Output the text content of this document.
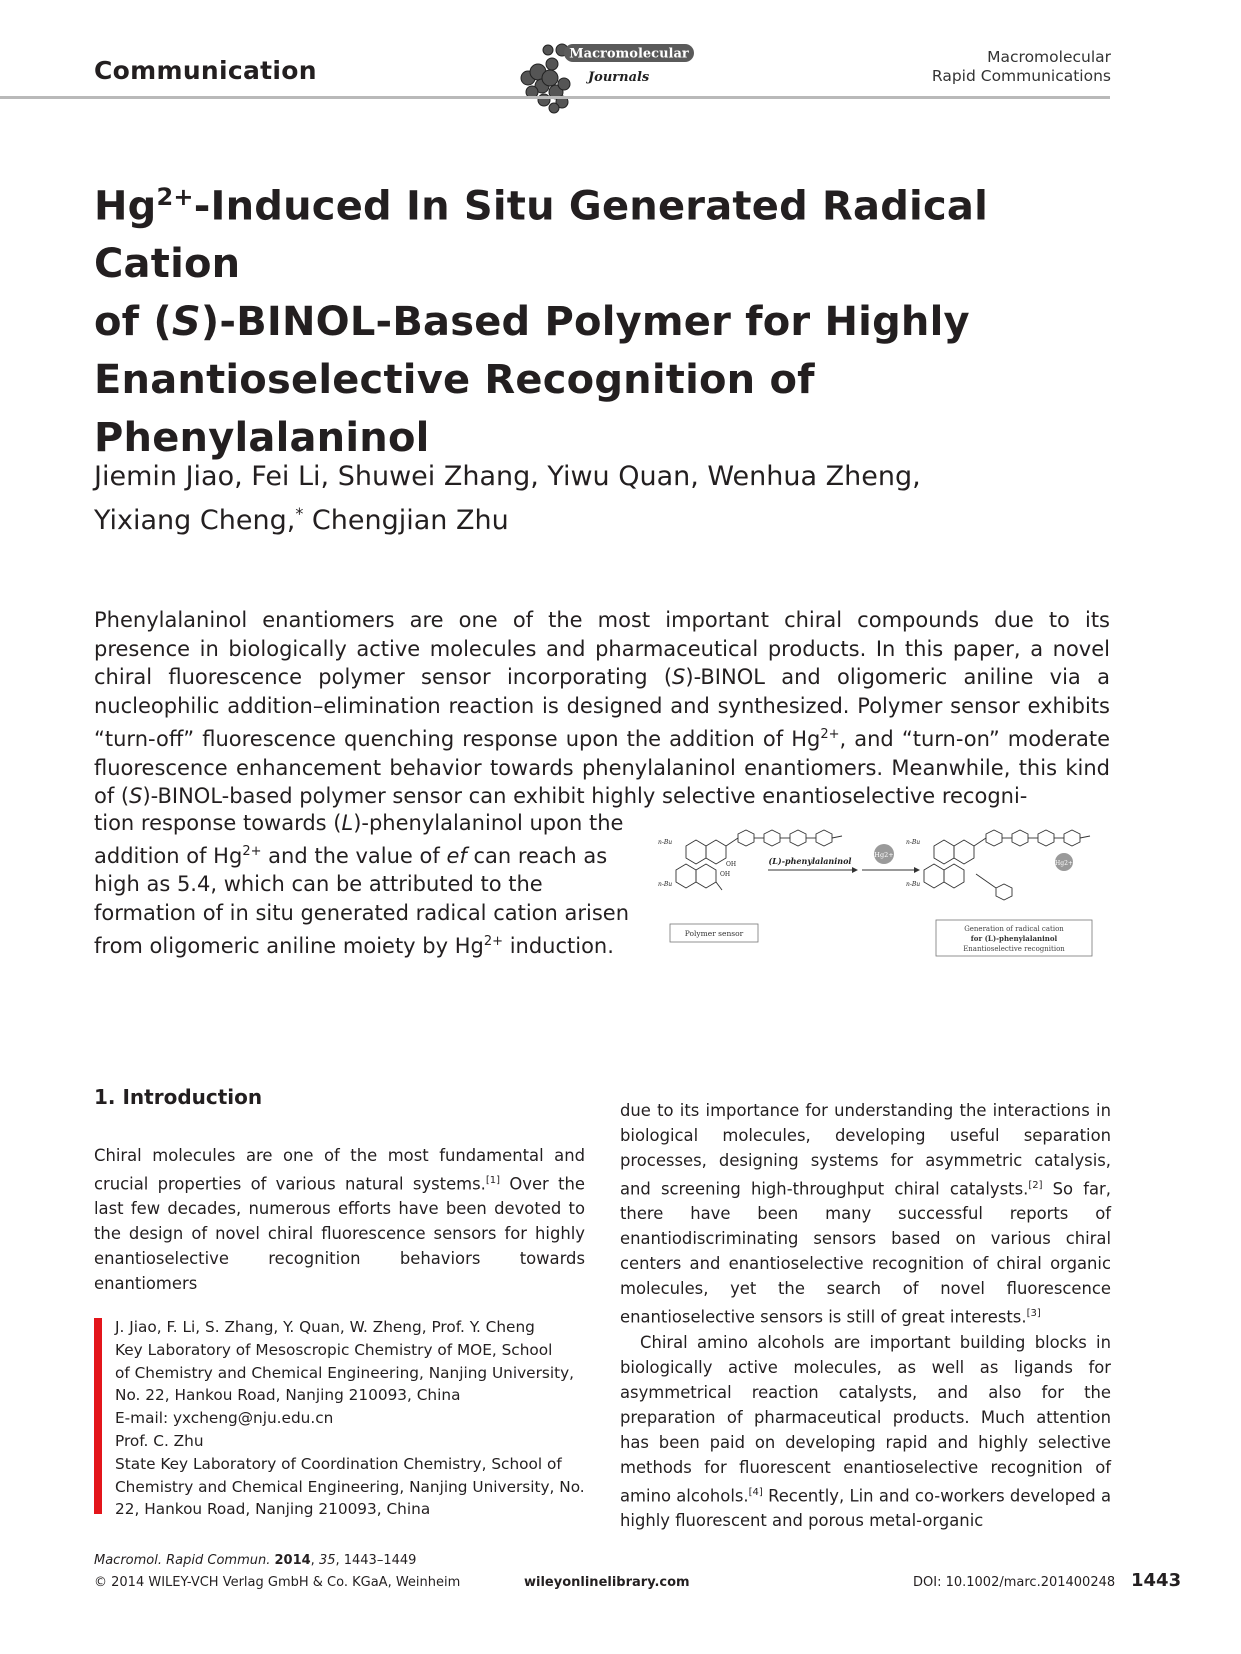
Communication
Macromolecular
Journals
Macromolecular
Rapid Communications
$Hg^{2+}$-Induced In Situ Generated Radical Cation
of (S)-BINOL-Based Polymer for Highly
Enantioselective Recognition of
Phenylalaninol
Jiemin Jiao, Fei Li, Shuwei Zhang, Yiwu Quan, Wenhua Zheng,
Yixiang Cheng,* Chengjian Zhu
Phenylalaninol enantiomers are one of the most important chiral compounds due to its presence in biologically active molecules and pharmaceutical products. In this paper, a novel chiral fluorescence polymer sensor incorporating (S)-BINOL and oligomeric aniline via a nucleophilic addition–elimination reaction is designed and synthesized. Polymer sensor exhibits “turn-off” fluorescence quenching response upon the addition of $Hg^{2+}$, and “turn-on” moderate fluorescence enhancement behavior towards phenylalaninol enantiomers. Meanwhile, this kind of (S)-BINOL-based polymer sensor can exhibit highly selective enantioselective recogni-
tion response towards (L)-phenylalaninol upon the addition of $Hg^{2+}$ and the value of ef can reach as high as 5.4, which can be attributed to the formation of in situ generated radical cation arisen from oligomeric aniline moiety by $Hg^{2+}$ induction.
Hg2+
Hg2+
(L)-phenylalaninol
n-Bu
n-Bu
n-Bu
n-Bu
OH
OH
Polymer sensor	Generation of radical cation
for (L)-phenylalaninol
Enantioselective recognition
1. Introduction
Chiral molecules are one of the most fundamental and crucial properties of various natural systems.[1] Over the last few decades, numerous efforts have been devoted to the design of novel chiral fluorescence sensors for highly enantioselective recognition behaviors towards enantiomers
J. Jiao, F. Li, S. Zhang, Y. Quan, W. Zheng, Prof. Y. Cheng
Key Laboratory of Mesoscropic Chemistry of MOE, School
of Chemistry and Chemical Engineering, Nanjing University,
No. 22, Hankou Road, Nanjing 210093, China
E-mail: yxcheng@nju.edu.cn
Prof. C. Zhu
State Key Laboratory of Coordination Chemistry, School of
Chemistry and Chemical Engineering, Nanjing University, No.
22, Hankou Road, Nanjing 210093, China
due to its importance for understanding the interactions in biological molecules, developing useful separation processes, designing systems for asymmetric catalysis, and screening high-throughput chiral catalysts.[2] So far, there have been many successful reports of enantiodiscriminating sensors based on various chiral centers and enantioselective recognition of chiral organic molecules, yet the search of novel fluorescence enantioselective sensors is still of great interests.[3]
Chiral amino alcohols are important building blocks in biologically active molecules, as well as ligands for asymmetrical reaction catalysts, and also for the preparation of pharmaceutical products. Much attention has been paid on developing rapid and highly selective methods for fluorescent enantioselective recognition of amino alcohols.[4] Recently, Lin and co-workers developed a highly fluorescent and porous metal-organic
Macromol. Rapid Commun. 2014, 35, 1443–1449
© 2014 WILEY-VCH Verlag GmbH & Co. KGaA, Weinheim	wileyonlinelibrary.com	DOI: 10.1002/marc.201400248 1443
